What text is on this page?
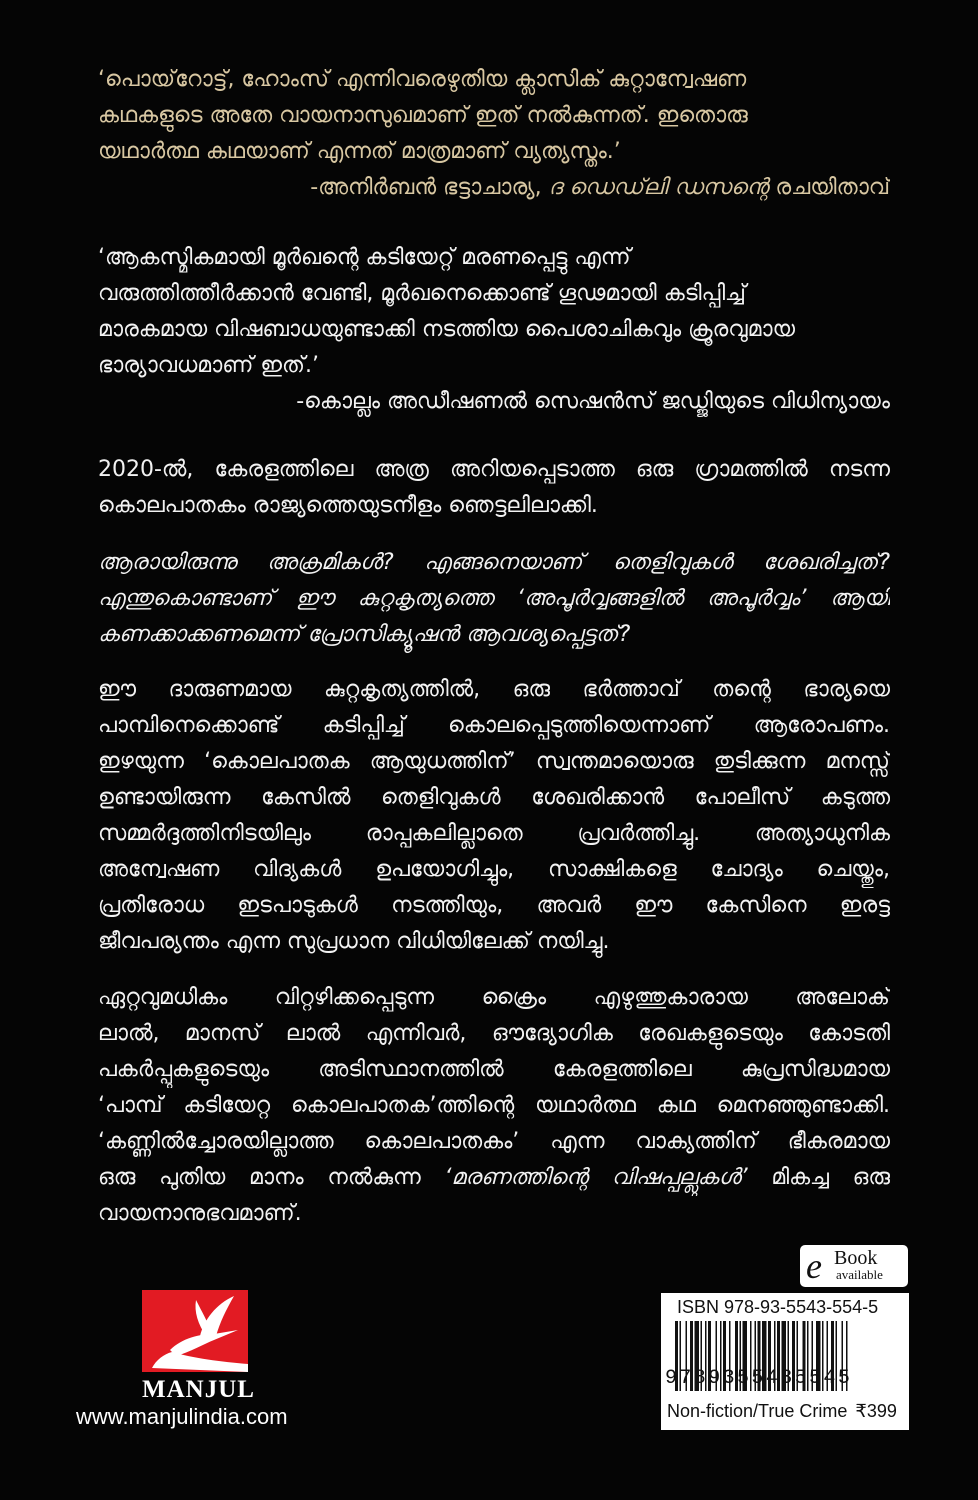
‘പൊയ്‌റോട്ട്, ഹോംസ് എന്നിവരെഴുതിയ ക്ലാസിക് കുറ്റാന്വേഷണ
കഥകളുടെ അതേ വായനാസുഖമാണ് ഇത് നൽകുന്നത്. ഇതൊരു
യഥാർത്ഥ കഥയാണ് എന്നത് മാത്രമാണ് വ്യത്യസ്തം.’
-അനിർബൻ ഭട്ടാചാര്യ, ദ ഡെഡ്‌ലി ഡസന്റെ രചയിതാവ്
‘ആകസ്മികമായി മൂർഖന്റെ കടിയേറ്റ് മരണപ്പെട്ടു എന്ന്
വരുത്തിത്തീർക്കാൻ വേണ്ടി, മൂർഖനെക്കൊണ്ട് ഗൂഢമായി കടിപ്പിച്ച്
മാരകമായ വിഷബാധയുണ്ടാക്കി നടത്തിയ പൈശാചികവും ക്രൂരവുമായ
ഭാര്യാവധമാണ് ഇത്.’
-കൊല്ലം അഡീഷണൽ സെഷൻസ് ജഡ്ജിയുടെ വിധിന്യായം
2020-ൽ, കേരളത്തിലെ അത്ര അറിയപ്പെടാത്ത ഒരു ഗ്രാമത്തിൽ നടന്ന
കൊലപാതകം രാജ്യത്തെയുടനീളം ഞെട്ടലിലാക്കി.
ആരായിരുന്നു അക്രമികൾ? എങ്ങനെയാണ് തെളിവുകൾ ശേഖരിച്ചത്?
എന്തുകൊണ്ടാണ് ഈ കുറ്റകൃത്യത്തെ ‘അപൂർവ്വങ്ങളിൽ അപൂർവ്വം’ ആയി
കണക്കാക്കണമെന്ന് പ്രോസിക്യൂഷൻ ആവശ്യപ്പെട്ടത്?
ഈ ദാരുണമായ കുറ്റകൃത്യത്തിൽ, ഒരു ഭർത്താവ് തന്റെ ഭാര്യയെ
പാമ്പിനെക്കൊണ്ട് കടിപ്പിച്ച് കൊലപ്പെടുത്തിയെന്നാണ് ആരോപണം.
ഇഴയുന്ന ‘കൊലപാതക ആയുധത്തിന്’ സ്വന്തമായൊരു തുടിക്കുന്ന മനസ്സ്
ഉണ്ടായിരുന്ന കേസിൽ തെളിവുകൾ ശേഖരിക്കാൻ പോലീസ് കടുത്ത
സമ്മർദ്ദത്തിനിടയിലും രാപ്പകലില്ലാതെ പ്രവർത്തിച്ചു. അത്യാധുനിക
അന്വേഷണ വിദ്യകൾ ഉപയോഗിച്ചും, സാക്ഷികളെ ചോദ്യം ചെയ്തും,
പ്രതിരോധ ഇടപാടുകൾ നടത്തിയും, അവർ ഈ കേസിനെ ഇരട്ട
ജീവപര്യന്തം എന്ന സുപ്രധാന വിധിയിലേക്ക് നയിച്ചു.
ഏറ്റവുമധികം വിറ്റഴിക്കപ്പെടുന്ന ക്രൈം എഴുത്തുകാരായ അലോക്
ലാൽ, മാനസ് ലാൽ എന്നിവർ, ഔദ്യോഗിക രേഖകളുടെയും കോടതി
പകർപ്പുകളുടെയും അടിസ്ഥാനത്തിൽ കേരളത്തിലെ കുപ്രസിദ്ധമായ
‘പാമ്പ് കടിയേറ്റ കൊലപാതക’ത്തിന്റെ യഥാർത്ഥ കഥ മെനഞ്ഞുണ്ടാക്കി.
‘കണ്ണിൽച്ചോരയില്ലാത്ത കൊലപാതകം’ എന്ന വാക്യത്തിന് ഭീകരമായ
ഒരു പുതിയ മാനം നൽകുന്ന ‘മരണത്തിന്റെ വിഷപ്പല്ലുകൾ’ മികച്ച ഒരു
വായനാനുഭവമാണ്.
MANJUL
www.manjulindia.com
e Book
available
ISBN 978-93-5543-554-5
9789355435545
Non-fiction/True Crime ₹399
